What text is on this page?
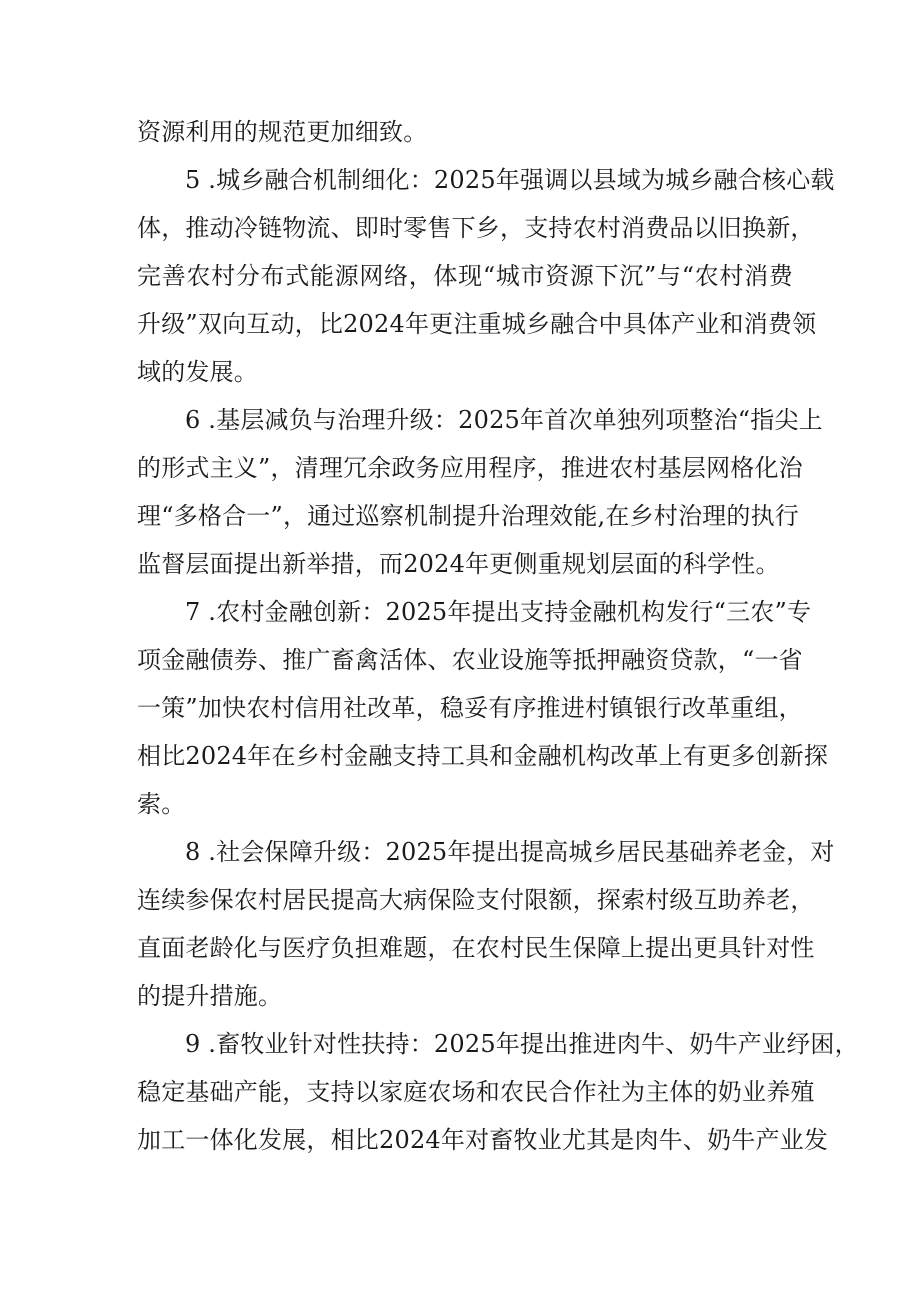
资源利用的规范更加细致。
5 .城乡融合机制细化：2025年强调以县域为城乡融合核心载
体，推动冷链物流、即时零售下乡，支持农村消费品以旧换新，
完善农村分布式能源网络，体现“城市资源下沉”与“农村消费
升级”双向互动，比2024年更注重城乡融合中具体产业和消费领
域的发展。
6 .基层减负与治理升级：2025年首次单独列项整治“指尖上
的形式主义”，清理冗余政务应用程序，推进农村基层网格化治
理“多格合一”，通过巡察机制提升治理效能,在乡村治理的执行
监督层面提出新举措，而2024年更侧重规划层面的科学性。
7 .农村金融创新：2025年提出支持金融机构发行“三农”专
项金融债券、推广畜禽活体、农业设施等抵押融资贷款，“一省
一策”加快农村信用社改革，稳妥有序推进村镇银行改革重组，
相比2024年在乡村金融支持工具和金融机构改革上有更多创新探
索。
8 .社会保障升级：2025年提出提高城乡居民基础养老金，对
连续参保农村居民提高大病保险支付限额，探索村级互助养老，
直面老龄化与医疗负担难题，在农村民生保障上提出更具针对性
的提升措施。
9 .畜牧业针对性扶持：2025年提出推进肉牛、奶牛产业纾困，
稳定基础产能，支持以家庭农场和农民合作社为主体的奶业养殖
加工一体化发展，相比2024年对畜牧业尤其是肉牛、奶牛产业发
